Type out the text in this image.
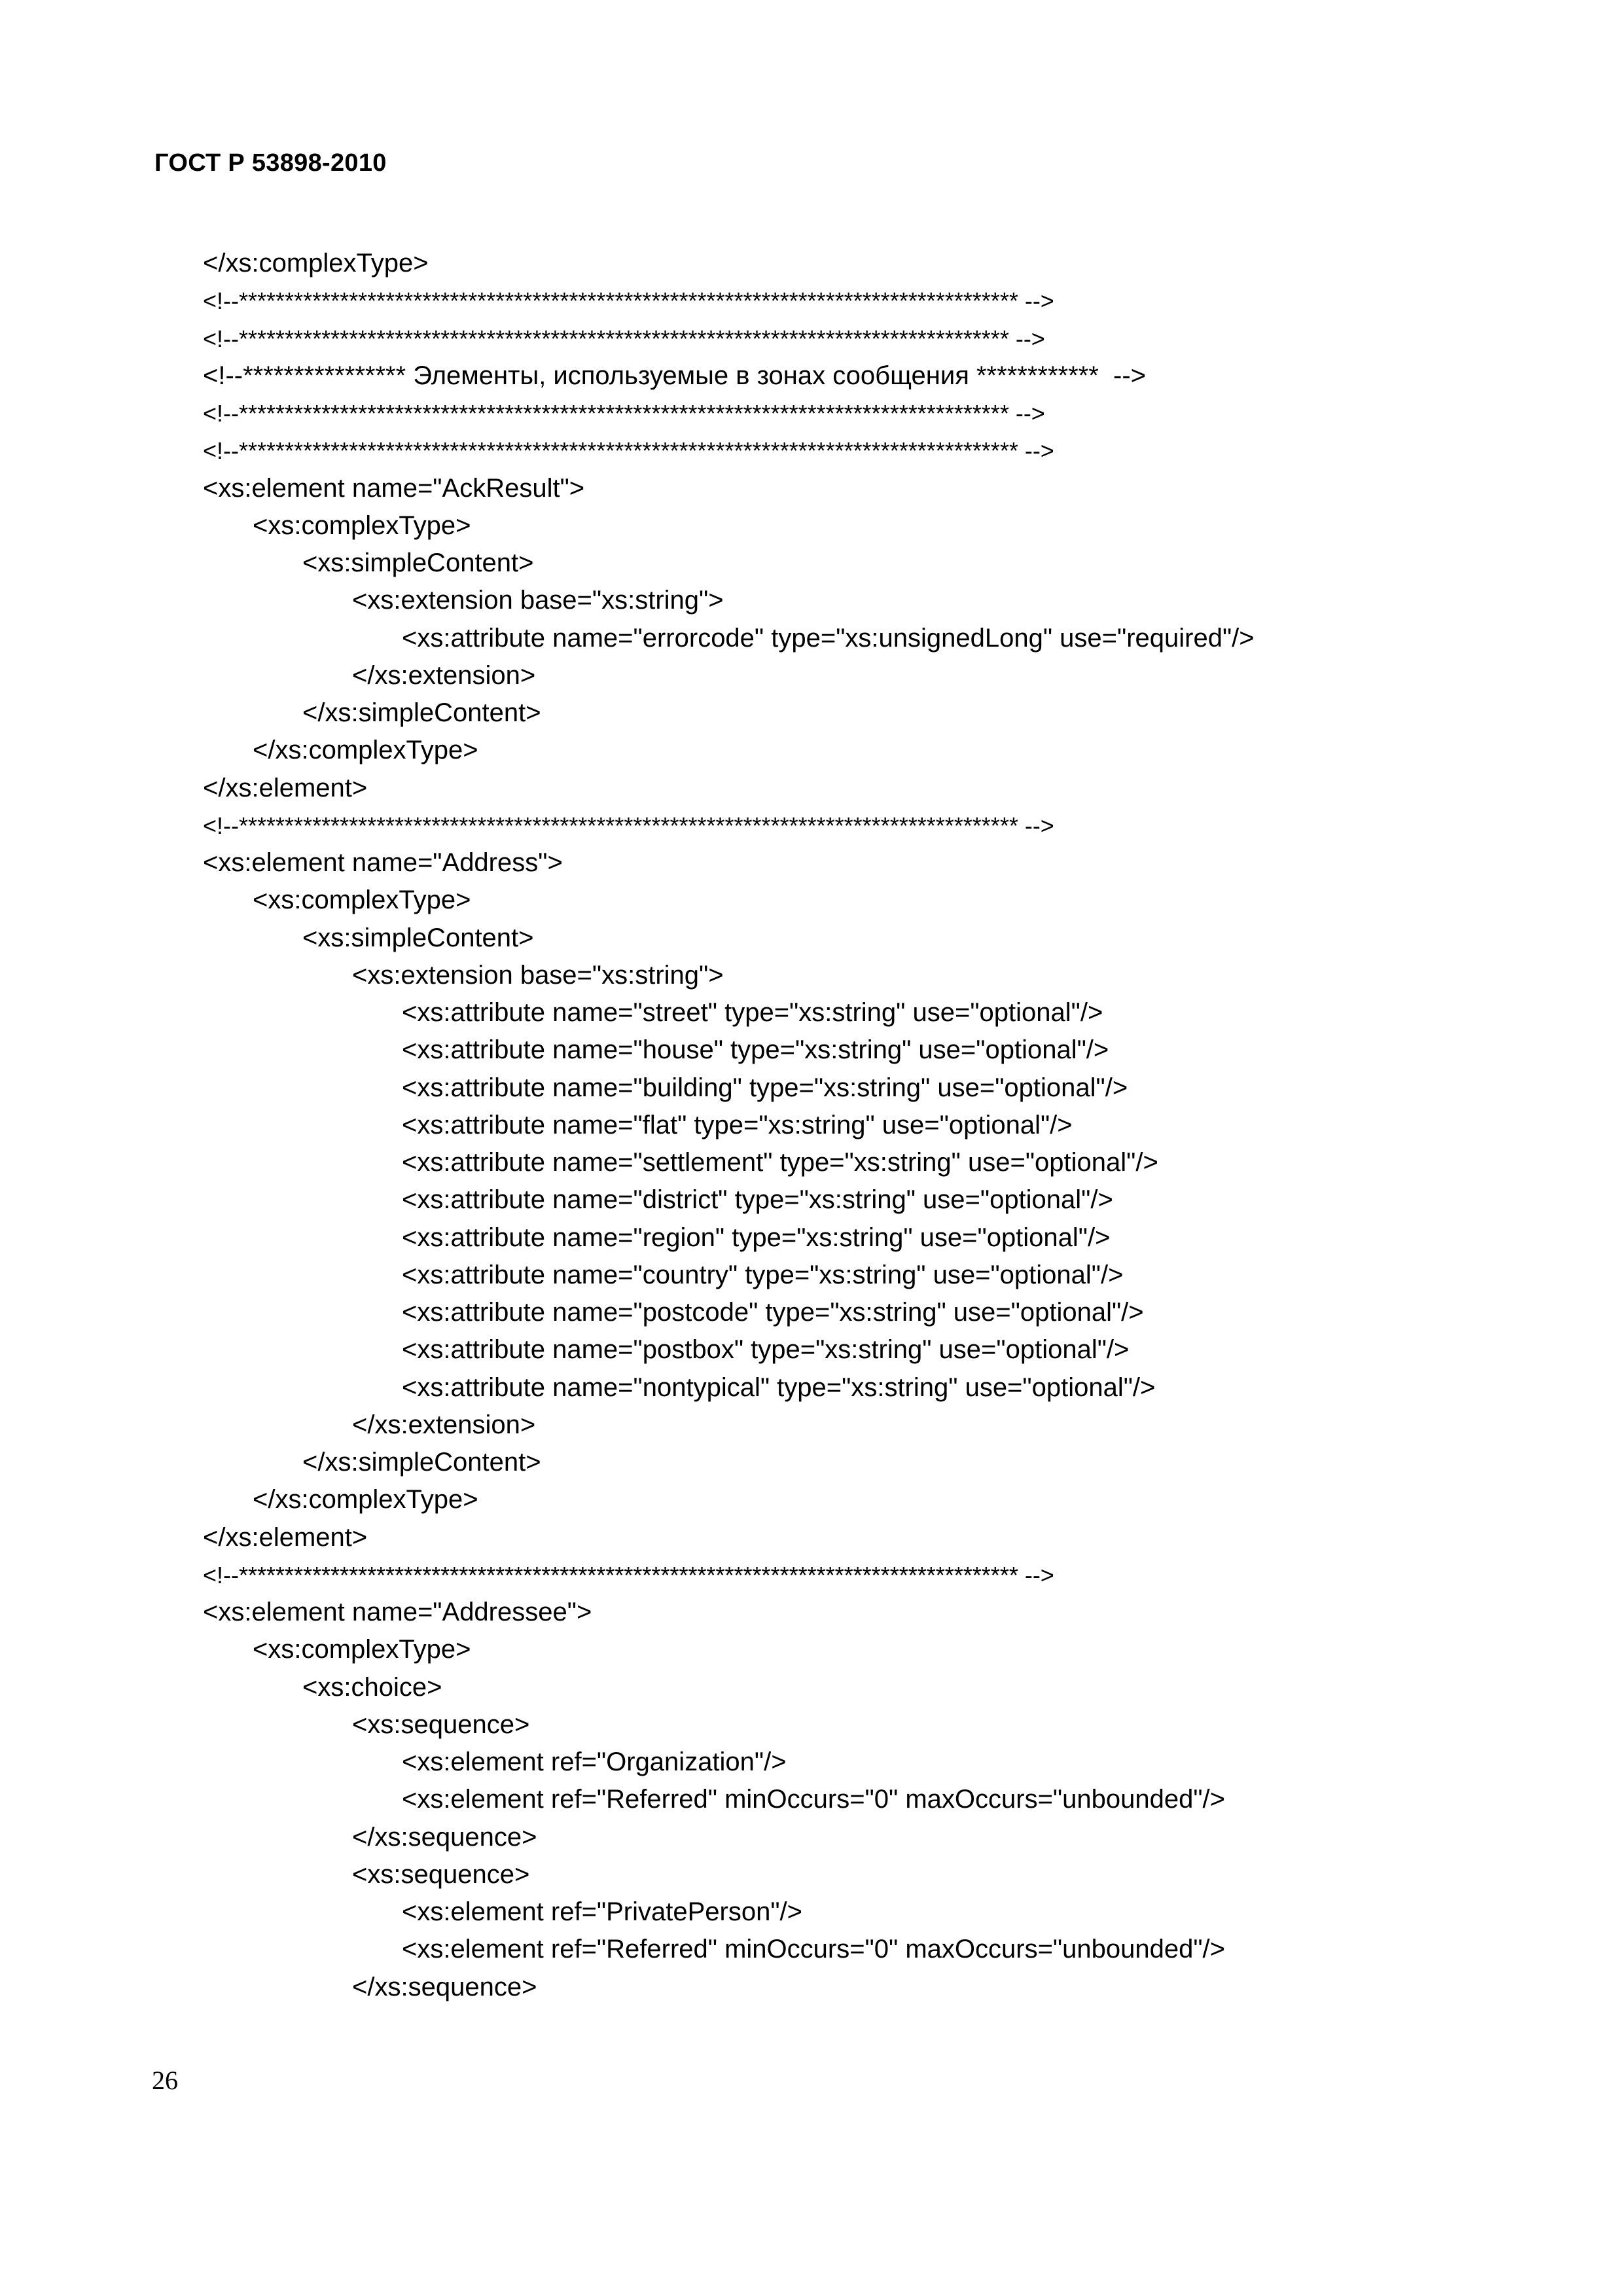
ГОСТ Р 53898-2010
</xs:complexType>
<!--************************************************************************************* -->
<!--************************************************************************************ -->
<!--**************** Элементы, используемые в зонах сообщения ************  -->
<!--************************************************************************************ -->
<!--************************************************************************************* -->
<xs:element name="AckResult">
<xs:complexType>
<xs:simpleContent>
<xs:extension base="xs:string">
<xs:attribute name="errorcode" type="xs:unsignedLong" use="required"/>
</xs:extension>
</xs:simpleContent>
</xs:complexType>
</xs:element>
<!--************************************************************************************* -->
<xs:element name="Address">
<xs:complexType>
<xs:simpleContent>
<xs:extension base="xs:string">
<xs:attribute name="street" type="xs:string" use="optional"/>
<xs:attribute name="house" type="xs:string" use="optional"/>
<xs:attribute name="building" type="xs:string" use="optional"/>
<xs:attribute name="flat" type="xs:string" use="optional"/>
<xs:attribute name="settlement" type="xs:string" use="optional"/>
<xs:attribute name="district" type="xs:string" use="optional"/>
<xs:attribute name="region" type="xs:string" use="optional"/>
<xs:attribute name="country" type="xs:string" use="optional"/>
<xs:attribute name="postcode" type="xs:string" use="optional"/>
<xs:attribute name="postbox" type="xs:string" use="optional"/>
<xs:attribute name="nontypical" type="xs:string" use="optional"/>
</xs:extension>
</xs:simpleContent>
</xs:complexType>
</xs:element>
<!--************************************************************************************* -->
<xs:element name="Addressee">
<xs:complexType>
<xs:choice>
<xs:sequence>
<xs:element ref="Organization"/>
<xs:element ref="Referred" minOccurs="0" maxOccurs="unbounded"/>
</xs:sequence>
<xs:sequence>
<xs:element ref="PrivatePerson"/>
<xs:element ref="Referred" minOccurs="0" maxOccurs="unbounded"/>
</xs:sequence>
26
